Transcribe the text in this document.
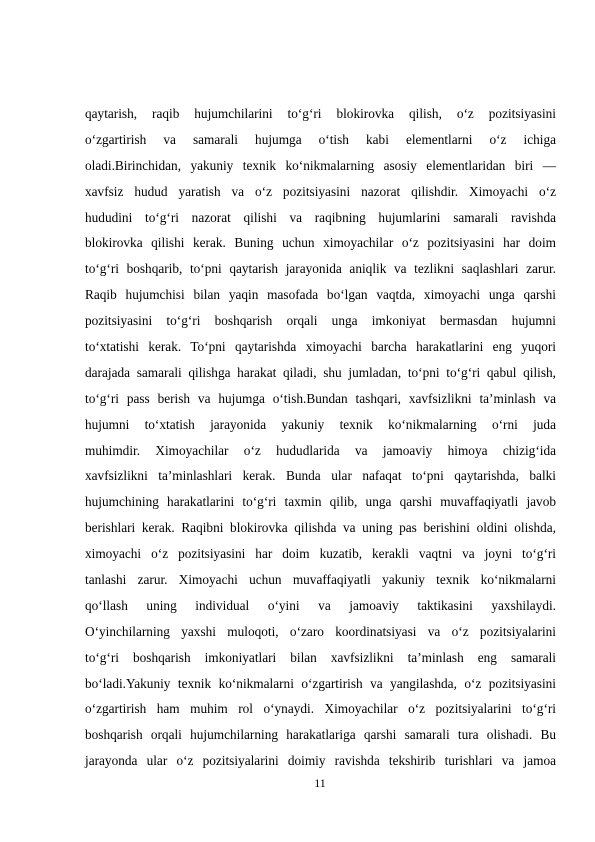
qaytarish, raqib hujumchilarini to‘g‘ri blokirovka qilish, o‘z pozitsiyasini
o‘zgartirish va samarali hujumga o‘tish kabi elementlarni o‘z ichiga
oladi.Birinchidan, yakuniy texnik ko‘nikmalarning asosiy elementlaridan biri —
xavfsiz hudud yaratish va o‘z pozitsiyasini nazorat qilishdir. Ximoyachi o‘z
hududini to‘g‘ri nazorat qilishi va raqibning hujumlarini samarali ravishda
blokirovka qilishi kerak. Buning uchun ximoyachilar o‘z pozitsiyasini har doim
to‘g‘ri boshqarib, to‘pni qaytarish jarayonida aniqlik va tezlikni saqlashlari zarur.
Raqib hujumchisi bilan yaqin masofada bo‘lgan vaqtda, ximoyachi unga qarshi
pozitsiyasini to‘g‘ri boshqarish orqali unga imkoniyat bermasdan hujumni
to‘xtatishi kerak. To‘pni qaytarishda ximoyachi barcha harakatlarini eng yuqori
darajada samarali qilishga harakat qiladi, shu jumladan, to‘pni to‘g‘ri qabul qilish,
to‘g‘ri pass berish va hujumga o‘tish.Bundan tashqari, xavfsizlikni ta’minlash va
hujumni to‘xtatish jarayonida yakuniy texnik ko‘nikmalarning o‘rni juda
muhimdir. Ximoyachilar o‘z hududlarida va jamoaviy himoya chizig‘ida
xavfsizlikni ta’minlashlari kerak. Bunda ular nafaqat to‘pni qaytarishda, balki
hujumchining harakatlarini to‘g‘ri taxmin qilib, unga qarshi muvaffaqiyatli javob
berishlari kerak. Raqibni blokirovka qilishda va uning pas berishini oldini olishda,
ximoyachi o‘z pozitsiyasini har doim kuzatib, kerakli vaqtni va joyni to‘g‘ri
tanlashi zarur. Ximoyachi uchun muvaffaqiyatli yakuniy texnik ko‘nikmalarni
qo‘llash uning individual o‘yini va jamoaviy taktikasini yaxshilaydi.
O‘yinchilarning yaxshi muloqoti, o‘zaro koordinatsiyasi va o‘z pozitsiyalarini
to‘g‘ri boshqarish imkoniyatlari bilan xavfsizlikni ta’minlash eng samarali
bo‘ladi.Yakuniy texnik ko‘nikmalarni o‘zgartirish va yangilashda, o‘z pozitsiyasini
o‘zgartirish ham muhim rol o‘ynaydi. Ximoyachilar o‘z pozitsiyalarini to‘g‘ri
boshqarish orqali hujumchilarning harakatlariga qarshi samarali tura olishadi. Bu
jarayonda ular o‘z pozitsiyalarini doimiy ravishda tekshirib turishlari va jamoa
11
